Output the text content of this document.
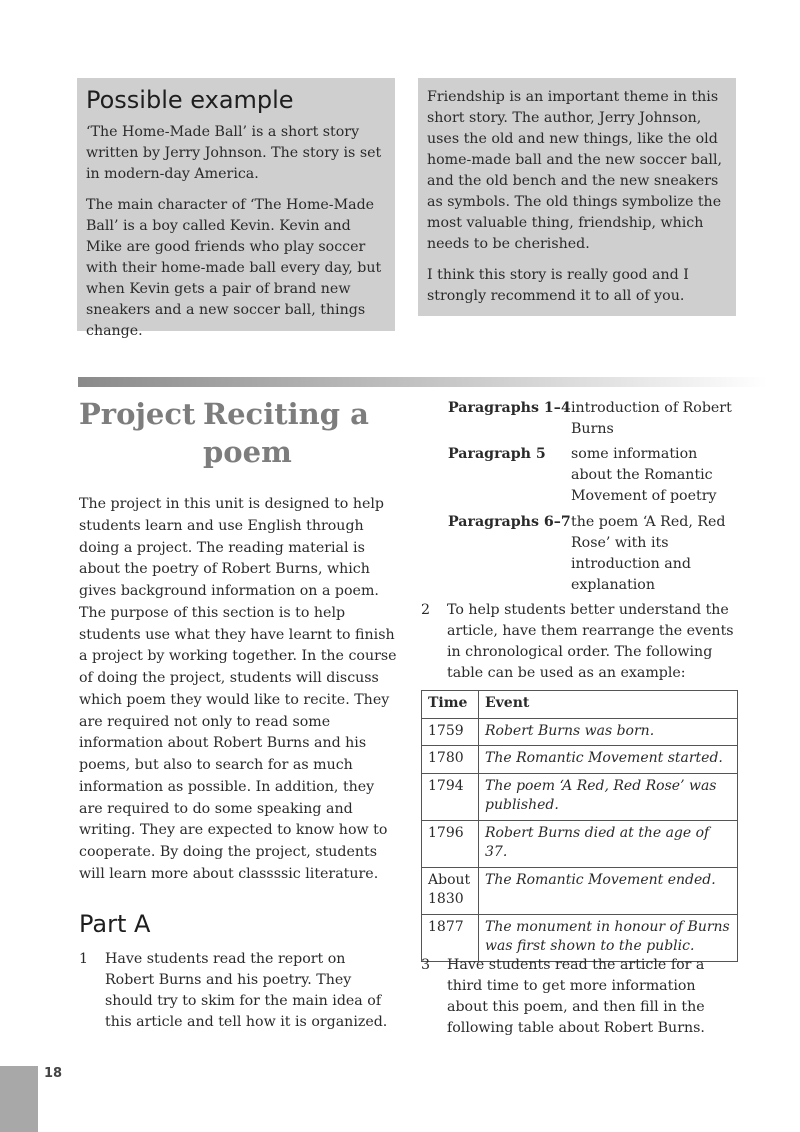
Possible example

‘The Home-Made Ball’ is a short story written by Jerry Johnson. The story is set in modern-day America.

The main character of ‘The Home-Made Ball’ is a boy called Kevin. Kevin and Mike are good friends who play soccer with their home-made ball every day, but when Kevin gets a pair of brand new sneakers and a new soccer ball, things change.

Friendship is an important theme in this short story. The author, Jerry Johnson, uses the old and new things, like the old home-made ball and the new soccer ball, and the old bench and the new sneakers as symbols. The old things symbolize the most valuable thing, friendship, which needs to be cherished.

I think this story is really good and I strongly recommend it to all of you.

Project Reciting a poem

The project in this unit is designed to help students learn and use English through doing a project. The reading material is about the poetry of Robert Burns, which gives background information on a poem. The purpose of this section is to help students use what they have learnt to finish a project by working together. In the course of doing the project, students will discuss which poem they would like to recite. They are required not only to read some information about Robert Burns and his poems, but also to search for as much information as possible. In addition, they are required to do some speaking and writing. They are expected to know how to cooperate. By doing the project, students will learn more about classssic literature.

Part A
1 Have students read the report on Robert Burns and his poetry. They should try to skim for the main idea of this article and tell how it is organized.
Paragraphs 1–4 introduction of Robert Burns
Paragraph 5 some information about the Romantic Movement of poetry
Paragraphs 6–7 the poem ‘A Red, Red Rose’ with its introduction and explanation
2 To help students better understand the article, have them rearrange the events in chronological order. The following table can be used as an example:
Time	Event
1759	Robert Burns was born.
1780	The Romantic Movement started.
1794	The poem ‘A Red, Red Rose’ was published.
1796	Robert Burns died at the age of 37.
About 1830	The Romantic Movement ended.
1877	The monument in honour of Burns was first shown to the public.
3 Have students read the article for a third time to get more information about this poem, and then fill in the following table about Robert Burns.
18
